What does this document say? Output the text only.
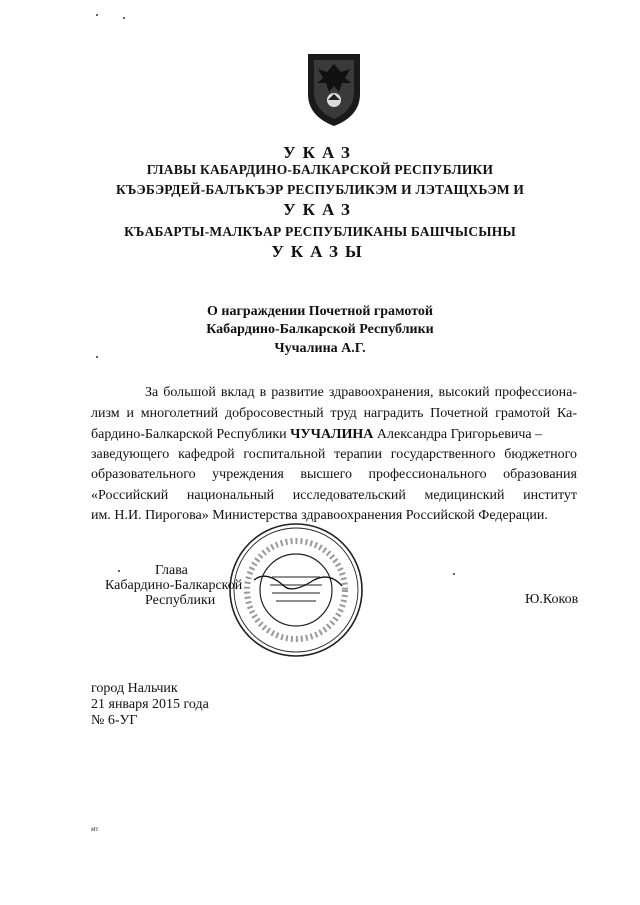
УКАЗ
ГЛАВЫ КАБАРДИНО-БАЛКАРСКОЙ РЕСПУБЛИКИ
КЪЭБЭРДЕЙ-БАЛЪКЪЭР РЕСПУБЛИКЭМ И ЛЭТАЩХЬЭМ И
УКАЗ
КЪАБАРТЫ-МАЛКЪАР РЕСПУБЛИКАНЫ БАШЧЫСЫНЫ
УКАЗЫ
О награждении Почетной грамотой
Кабардино-Балкарской Республики
Чучалина А.Г.
За большой вклад в развитие здравоохранения, высокий профессиона-
лизм и многолетний добросовестный труд наградить Почетной грамотой Ка-
бардино-Балкарской Республики ЧУЧАЛИНА Александра Григорьевича –
заведующего кафедрой госпитальной терапии государственного бюджетного
образовательного учреждения высшего профессионального образования
«Российский национальный исследовательский медицинский институт
им. Н.И. Пирогова» Министерства здравоохранения Российской Федерации.
Глава
Кабардино-Балкарской
Республики	Ю.Коков
город Нальчик
21 января 2015 года
№ 6-УГ
мт
